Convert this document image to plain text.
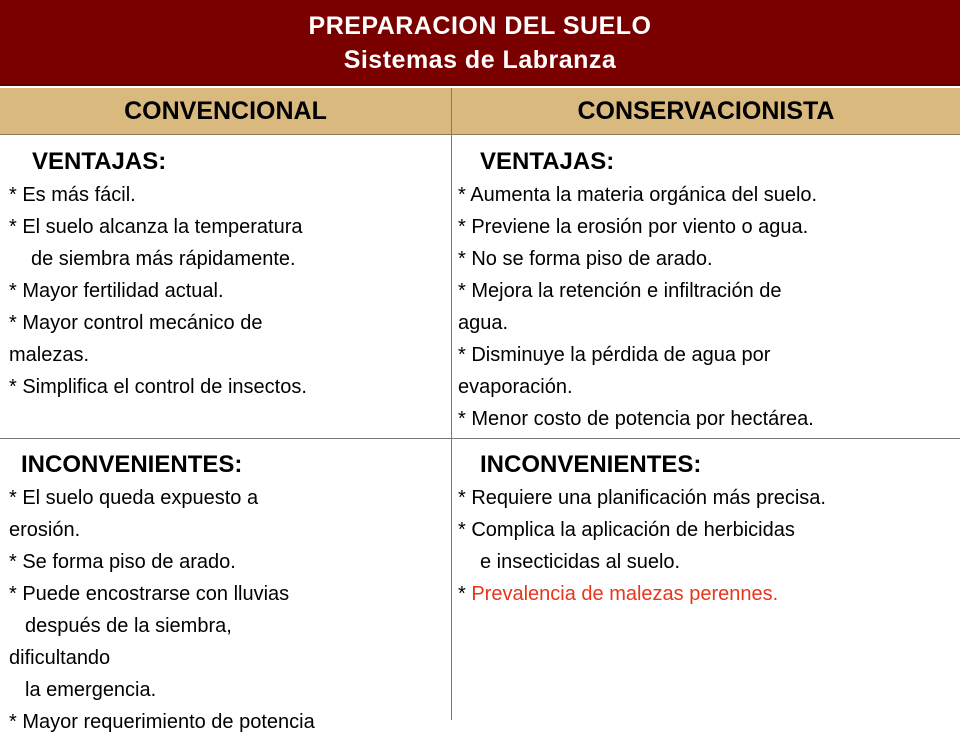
PREPARACION DEL SUELO
Sistemas de Labranza
CONVENCIONAL	CONSERVACIONISTA
VENTAJAS:
* Es más fácil.
* El suelo alcanza la temperatura
de siembra más rápidamente.
* Mayor fertilidad actual.
* Mayor control mecánico de
malezas.
* Simplifica el control de insectos.
VENTAJAS:
* Aumenta la materia orgánica del suelo.
* Previene la erosión por viento o agua.
* No se forma piso de arado.
* Mejora la retención e infiltración de
agua.
* Disminuye la pérdida de agua por
evaporación.
* Menor costo de potencia por hectárea.
INCONVENIENTES:
* El suelo queda expuesto a
erosión.
* Se forma piso de arado.
* Puede encostrarse con lluvias
después de la siembra,
dificultando
la emergencia.
* Mayor requerimiento de potencia
INCONVENIENTES:
* Requiere una planificación más precisa.
* Complica la aplicación de herbicidas
e insecticidas al suelo.
* Prevalencia de malezas perennes.
